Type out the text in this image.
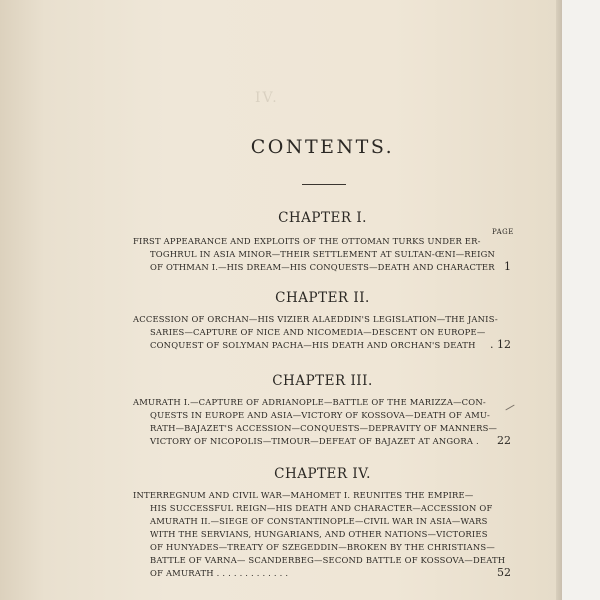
IV.
CONTENTS.
CHAPTER I.
PAGE
FIRST APPEARANCE AND EXPLOITS OF THE OTTOMAN TURKS UNDER ER-
TOGHRUL IN ASIA MINOR—THEIR SETTLEMENT AT SULTAN-ŒNI—REIGN
OF OTHMAN I.—HIS DREAM—HIS CONQUESTS—DEATH AND CHARACTER 1
CHAPTER II.
ACCESSION OF ORCHAN—HIS VIZIER ALAEDDIN'S LEGISLATION—THE JANIS-
SARIES—CAPTURE OF NICE AND NICOMEDIA—DESCENT ON EUROPE—
CONQUEST OF SOLYMAN PACHA—HIS DEATH AND ORCHAN'S DEATH	. 12
CHAPTER III.
AMURATH I.—CAPTURE OF ADRIANOPLE—BATTLE OF THE MARIZZA—CON-
QUESTS IN EUROPE AND ASIA—VICTORY OF KOSSOVA—DEATH OF AMU-
RATH—BAJAZET'S ACCESSION—CONQUESTS—DEPRAVITY OF MANNERS—
VICTORY OF NICOPOLIS—TIMOUR—DEFEAT OF BAJAZET AT ANGORA .	22
CHAPTER IV.
INTERREGNUM AND CIVIL WAR—MAHOMET I. REUNITES THE EMPIRE—
HIS SUCCESSFUL REIGN—HIS DEATH AND CHARACTER—ACCESSION OF
AMURATH II.—SIEGE OF CONSTANTINOPLE—CIVIL WAR IN ASIA—WARS
WITH THE SERVIANS, HUNGARIANS, AND OTHER NATIONS—VICTORIES
OF HUNYADES—TREATY OF SZEGEDDIN—BROKEN BY THE CHRISTIANS—
BATTLE OF VARNA— SCANDERBEG—SECOND BATTLE OF KOSSOVA—DEATH
OF AMURATH . . . . . . . . . . . . .	52
